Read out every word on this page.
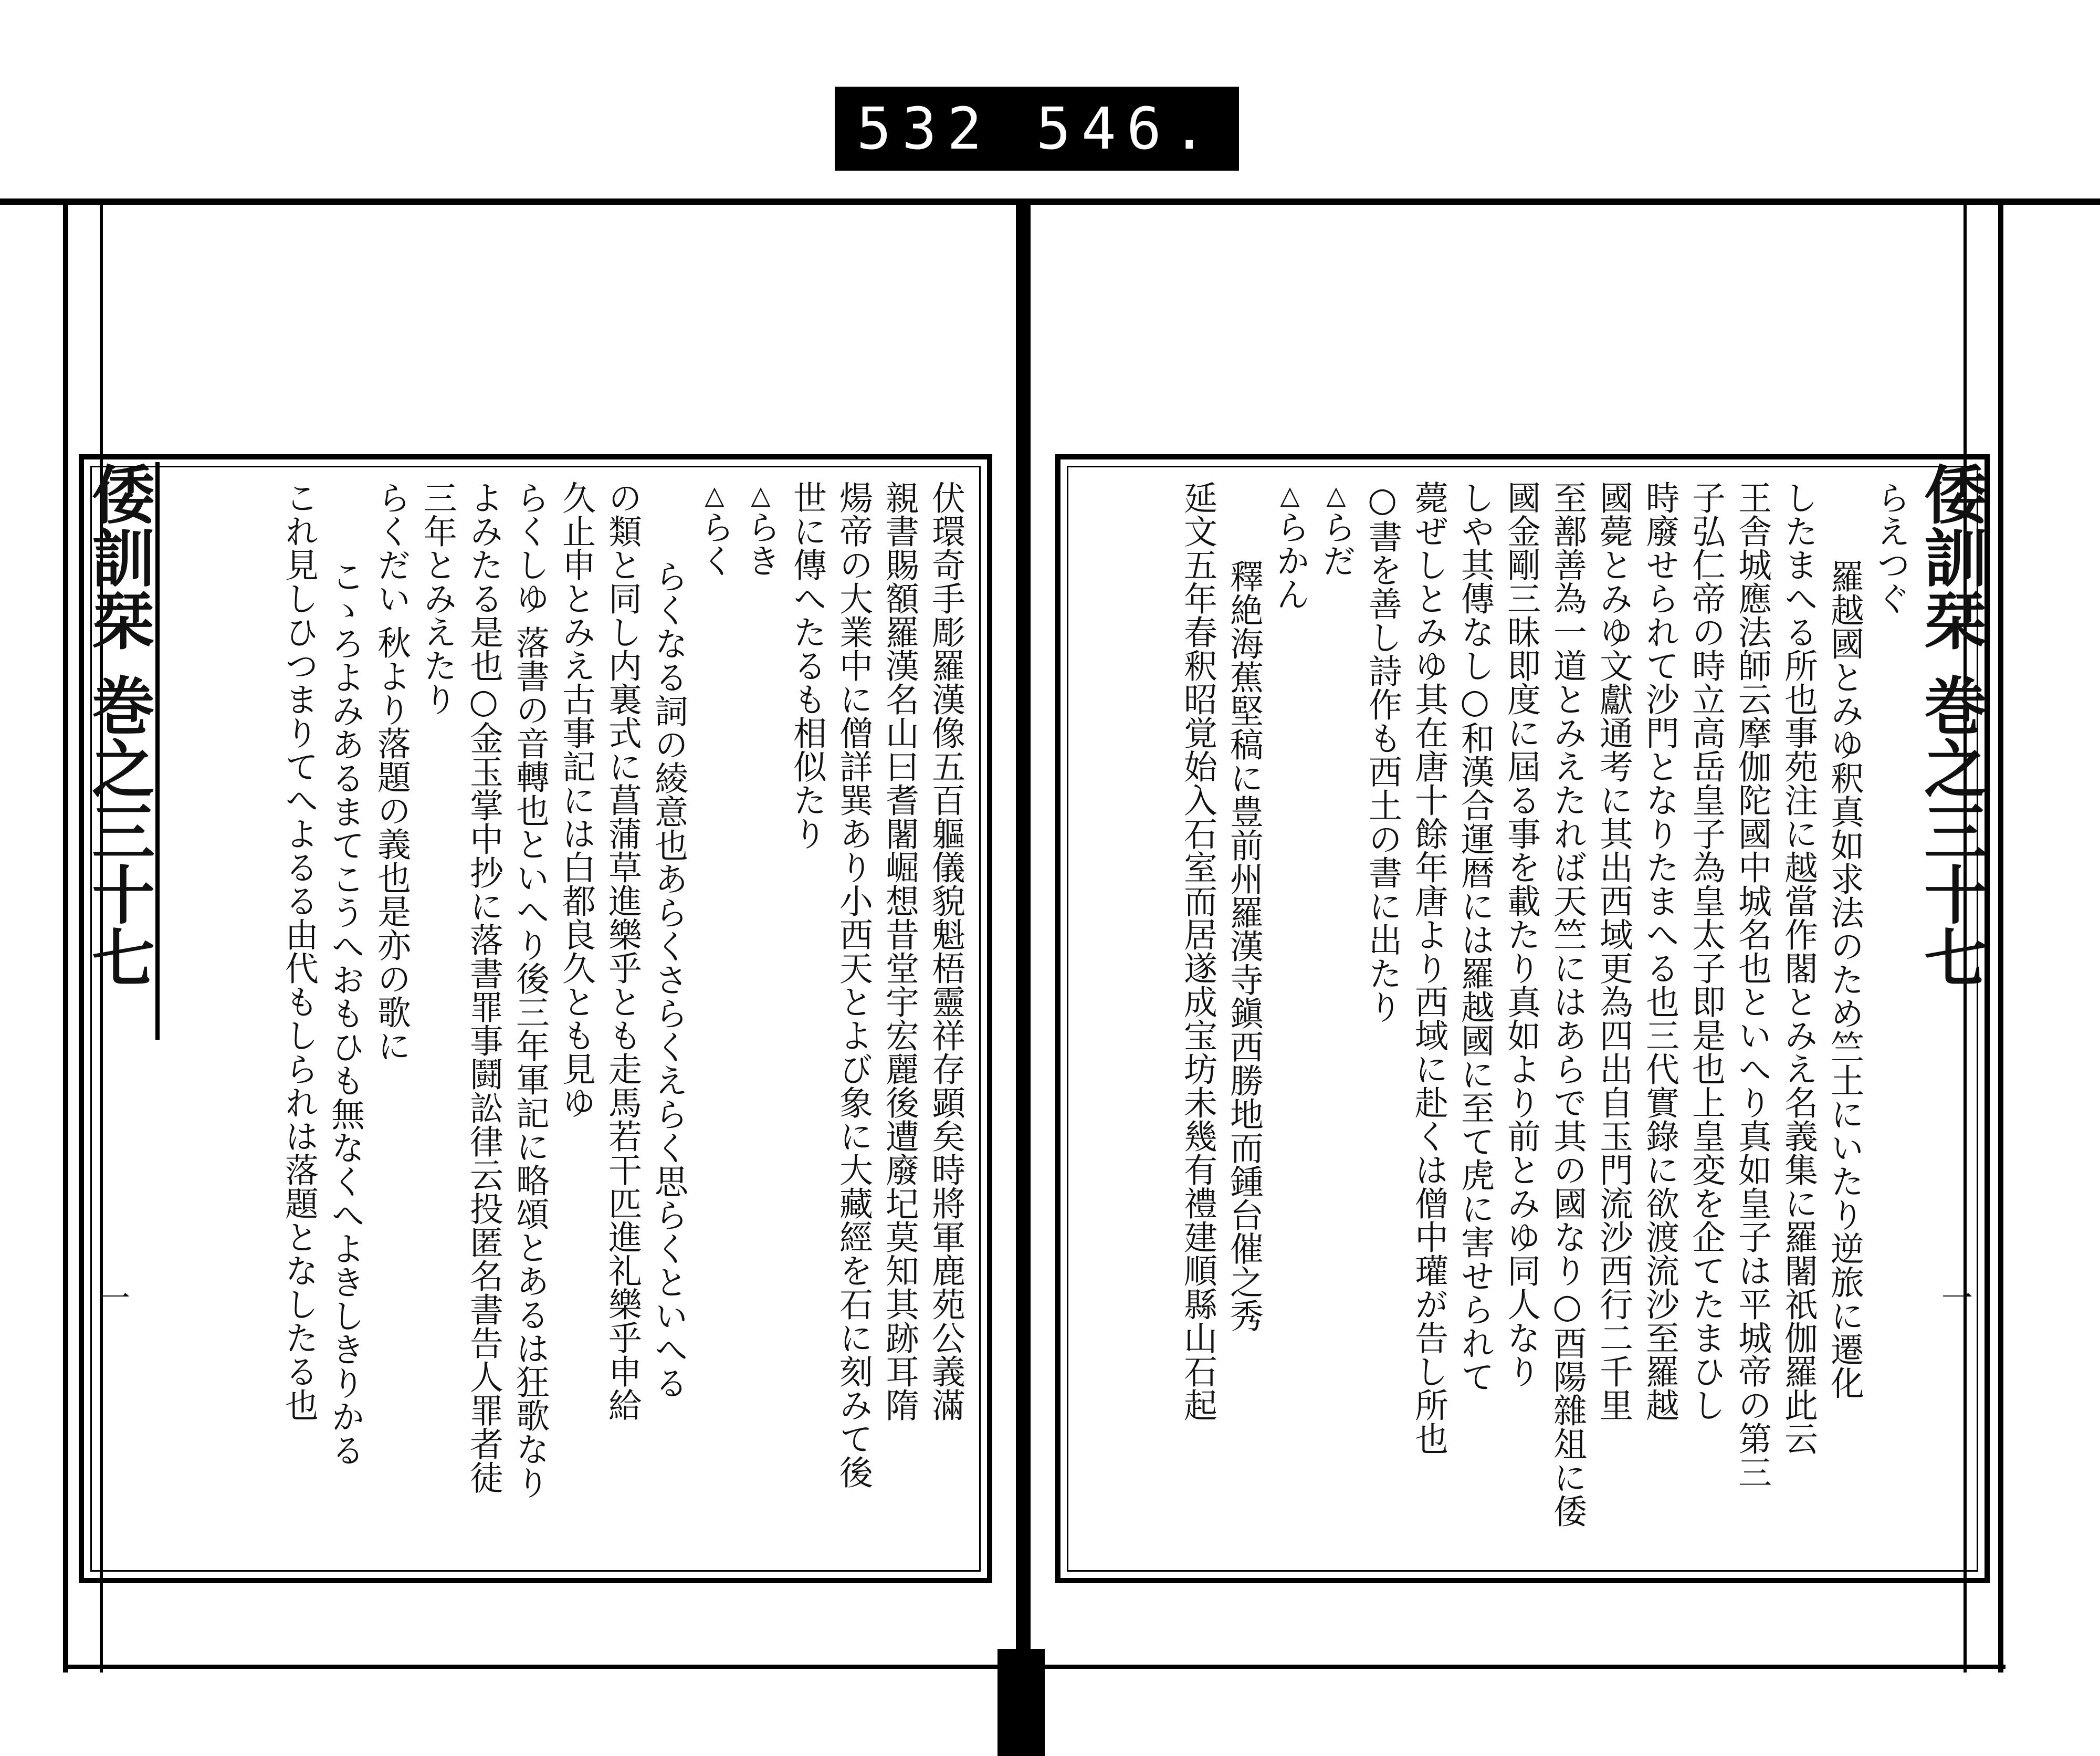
532 546.
倭訓栞 巻之三十七	倭訓栞 巻之三十七
一	一
らえつぐ
羅越國とみゆ釈真如求法のため竺土にいたり逆旅に遷化
したまへる所也事苑注に越當作閣とみえ名義集に羅闍祇伽羅此云
王舎城應法師云摩伽陀國中城名也といへり真如皇子は平城帝の第三
子弘仁帝の時立高岳皇子為皇太子即是也上皇変を企てたまひし
時廢せられて沙門となりたまへる也三代實錄に欲渡流沙至羅越
國薨とみゆ文獻通考に其出西域更為四出自玉門流沙西行二千里
至鄯善為一道とみえたれば天竺にはあらで其の國なり○酉陽雜俎に倭
國金剛三昧即度に屆る事を載たり真如より前とみゆ同人なり
しや其傳なし○和漢合運暦には羅越國に至て虎に害せられて
薨ぜしとみゆ其在唐十餘年唐より西域に赴くは僧中瓘が告し所也
○書を善し詩作も西土の書に出たり
△らだ
△らかん
釋絶海蕉堅稿に豊前州羅漢寺鎭西勝地而鍾台催之秀
延文五年春釈昭覚始入石室而居遂成宝坊未幾有禮建順縣山石起
伏環奇手彫羅漢像五百軀儀貌魁梧靈祥存顕矣時將軍鹿苑公義滿
親書賜額羅漢名山曰耆闍崛想昔堂宇宏麗後遭廢圮莫知其跡耳隋
煬帝の大業中に僧詳巽あり小西天とよび象に大藏經を石に刻みて後
世に傳へたるも相似たり
△らき
△らく
らくなる詞の綾意也あらくさらくえらく思らくといへる
の類と同し内裏式に菖蒲草進樂乎とも走馬若干匹進礼樂乎申給
久止申とみえ古事記には白都良久とも見ゆ
らくしゆ 落書の音轉也といへり後三年軍記に略頌とあるは狂歌なり
よみたる是也○金玉掌中抄に落書罪事鬪訟律云投匿名書告人罪者徒
三年とみえたり
らくだい 秋より落題の義也是亦の歌に
こゝろよみあるまてこうへおもひも無なくへよきしきりかる
これ見しひつまりてへよるる由代もしられは落題となしたる也
